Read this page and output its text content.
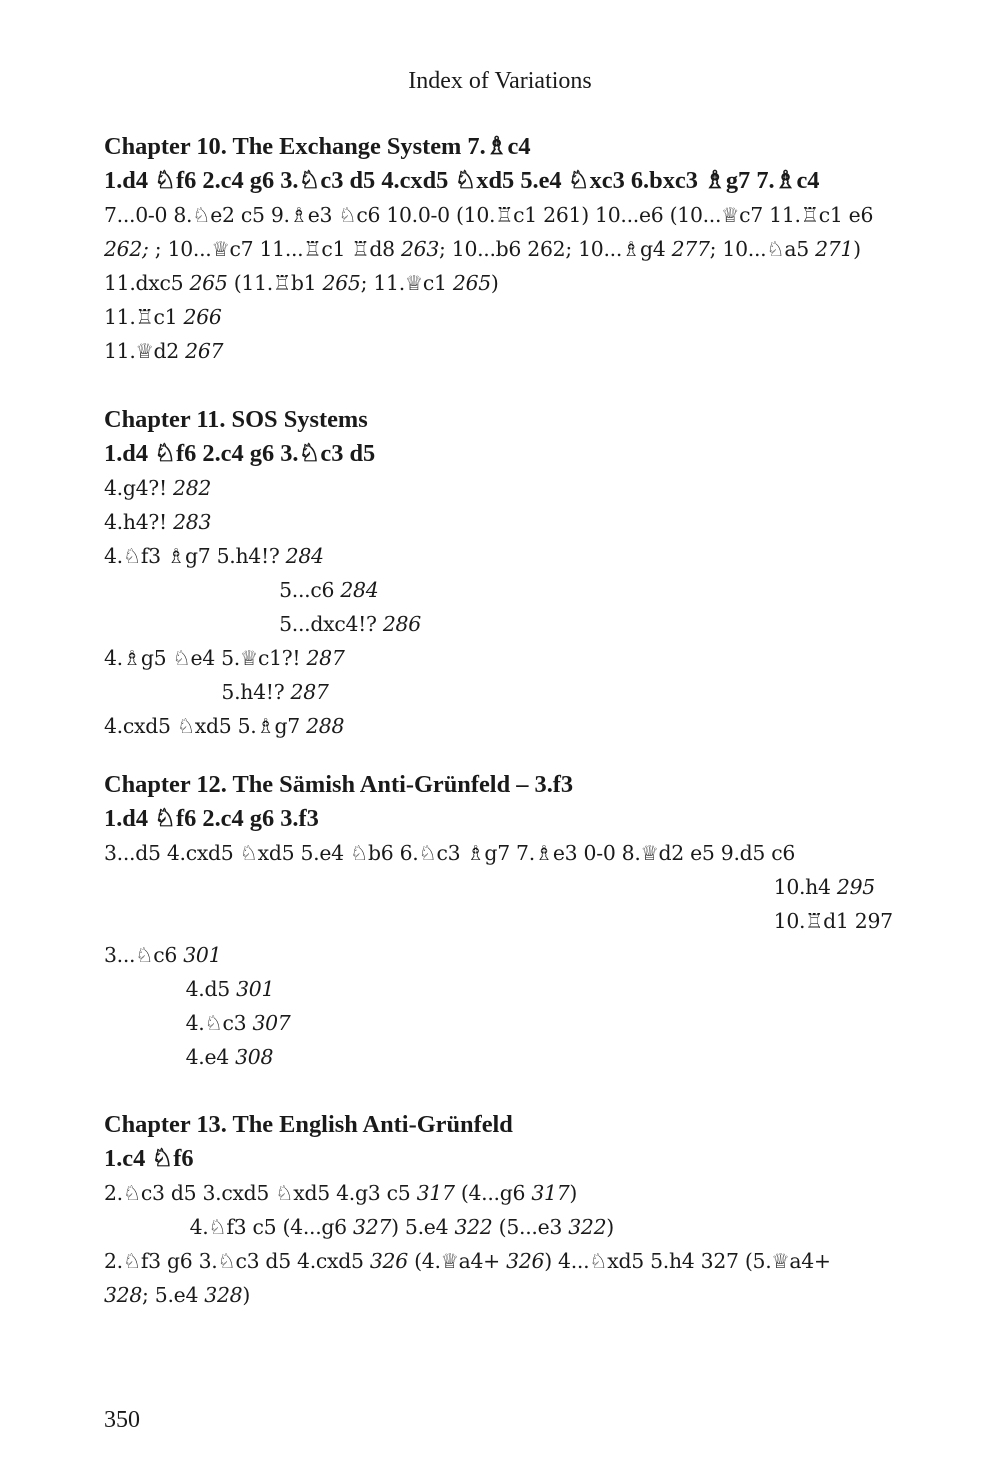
Index of Variations
Chapter 10. The Exchange System 7.♗c4
1.d4 ♘f6 2.c4 g6 3.♘c3 d5 4.cxd5 ♘xd5 5.e4 ♘xc3 6.bxc3 ♗g7 7.♗c4
7...0-0 8.♘e2 c5 9.♗e3 ♘c6 10.0-0 (10.♖c1 261) 10...e6 (10...♕c7 11.♖c1 e6
262; ; 10...♕c7 11...♖c1 ♖d8 263; 10...b6 262; 10...♗g4 277; 10...♘a5 271)
11.dxc5 265 (11.♖b1 265; 11.♕c1 265)
11.♖c1 266
11.♕d2 267
Chapter 11. SOS Systems
1.d4 ♘f6 2.c4 g6 3.♘c3 d5
4.g4?! 282
4.h4?! 283
4.♘f3 ♗g7 5.h4!? 284
5...c6 284
5...dxc4!? 286
4.♗g5 ♘e4 5.♕c1?! 287
5.h4!? 287
4.cxd5 ♘xd5 5.♗g7 288
Chapter 12. The Sämish Anti-Grünfeld – 3.f3
1.d4 ♘f6 2.c4 g6 3.f3
3...d5 4.cxd5 ♘xd5 5.e4 ♘b6 6.♘c3 ♗g7 7.♗e3 0-0 8.♕d2 e5 9.d5 c6
10.h4 295
10.♖d1 297
3...♘c6 301
4.d5 301
4.♘c3 307
4.e4 308
Chapter 13. The English Anti-Grünfeld
1.c4 ♘f6
2.♘c3 d5 3.cxd5 ♘xd5 4.g3 c5 317 (4...g6 317)
4.♘f3 c5 (4...g6 327) 5.e4 322 (5...e3 322)
2.♘f3 g6 3.♘c3 d5 4.cxd5 326 (4.♕a4+ 326) 4...♘xd5 5.h4 327 (5.♕a4+
328; 5.e4 328)
350
